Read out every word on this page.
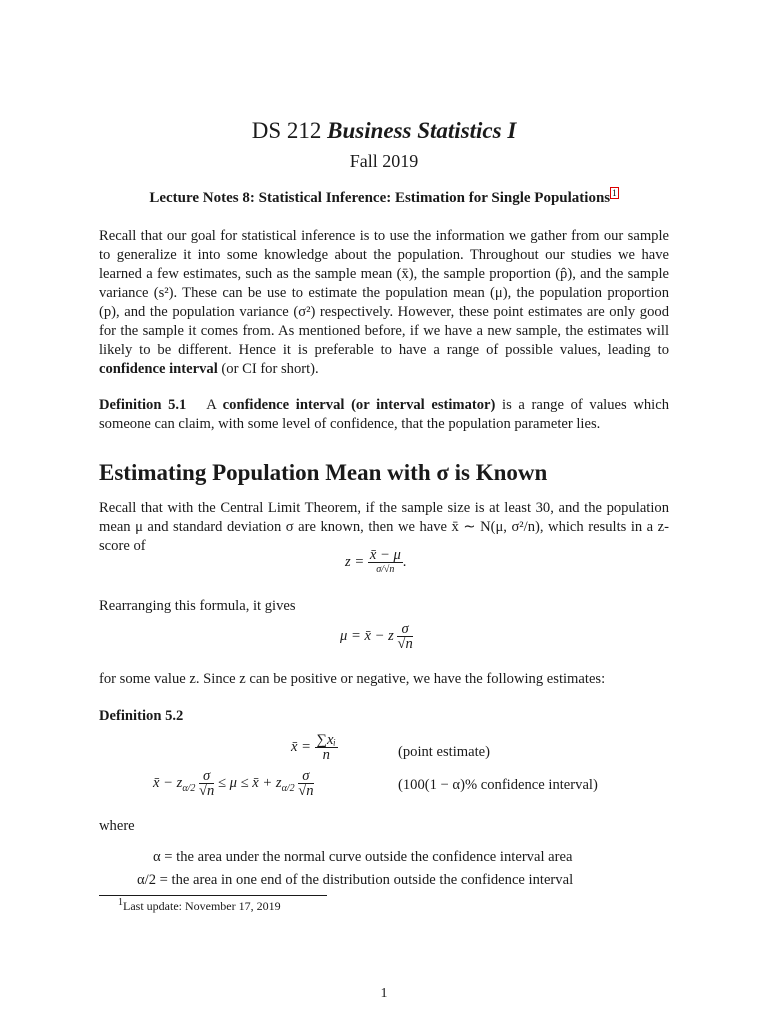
DS 212 Business Statistics I
Fall 2019
Lecture Notes 8: Statistical Inference: Estimation for Single Populations 1

Recall that our goal for statistical inference is to use the information we gather from our sample to generalize it into some knowledge about the population. Throughout our studies we have learned a few estimates, such as the sample mean (x̄), the sample proportion (p̂), and the sample variance (s²). These can be use to estimate the population mean (μ), the population proportion (p), and the population variance (σ²) respectively. However, these point estimates are only good for the sample it comes from. As mentioned before, if we have a new sample, the estimates will likely to be different. Hence it is preferable to have a range of possible values, leading to confidence interval (or CI for short).

Definition 5.1 A confidence interval (or interval estimator) is a range of values which someone can claim, with some level of confidence, that the population parameter lies.

Estimating Population Mean with σ is Known

Recall that with the Central Limit Theorem, if the sample size is at least 30, and the population mean μ and standard deviation σ are known, then we have x̄ ∼ N(μ, σ²/n), which results in a z-score of

$z = \frac{x̄ - \mu}{\sigma/√n}$ .
Rearranging this formula, it gives
μ = x̄ − z $\frac{\sigma}{√n}$
for some value z. Since z can be positive or negative, we have the following estimates:
Definition 5.2
x̄ = $\frac{\text{∑xᵢ}}{n}$	(point estimate)
x̄ − $z_{\alpha/2} \frac{\sigma}{√n} \le \mu$ ≤ x̄ + $z_{\alpha/2} \frac{\sigma}{√n}$	(100(1 − α)% confidence interval)
where
α = the area under the normal curve outside the confidence interval area
α/2 = the area in one end of the distribution outside the confidence interval
$^1$Last update: November 17, 2019
1
